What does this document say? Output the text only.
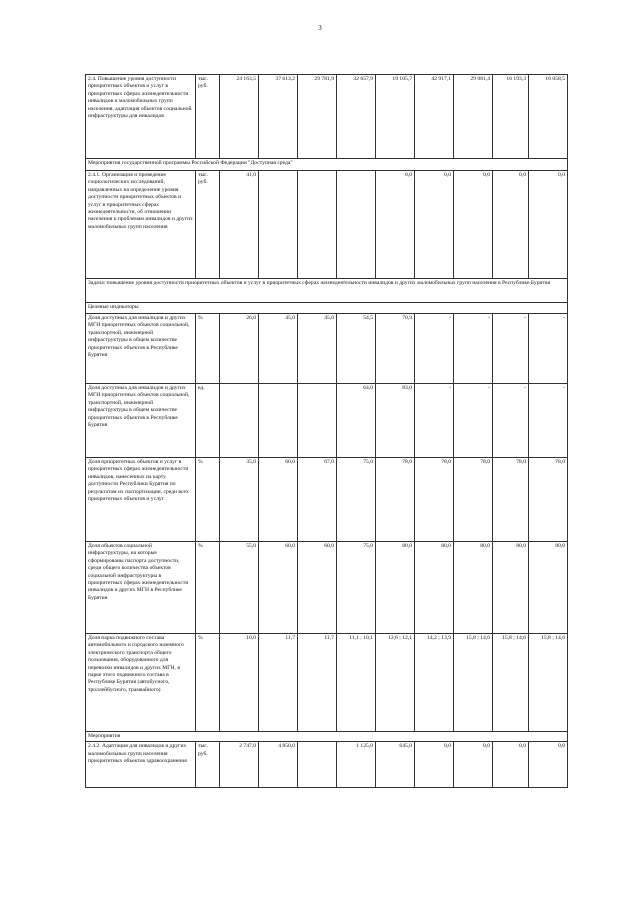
3
2.4. Повышение уровня доступности приоритетных объектов и услуг в приоритетных сферах жизнедеятельности инвалидов и маломобильных групп населения, адаптация объектов социальной инфраструктуры для инвалидов	тыс. руб.	24 163,5	37 613,2	29 781,9	32 657,9	19 105,7	42 917,1	29 081,4	16 193,3	16 058,5
Мероприятия государственной программы Российской Федерации "Доступная среда"										
2.4.1. Организация и проведение социологических исследований, направленных на определение уровня доступности приоритетных объектов и услуг в приоритетных сферах жизнедеятельности, об отношении населения к проблемам инвалидов и других маломобильных групп населения	тыс. руб.	41,0				0,0	0,0	0,0	0,0	0,0
Задача: повышение уровня доступности приоритетных объектов и услуг в приоритетных сферах жизнедеятельности инвалидов и других маломобильных групп населения в Республике Бурятия										
Целевые индикаторы										
Доля доступных для инвалидов и других МГН приоритетных объектов социальной, транспортной, инженерной инфраструктуры в общем количестве приоритетных объектов в Республике Бурятия	%	26,0	45,0	45,0	54,5	70,9	-	-	-	-
Доля доступных для инвалидов и других МГН приоритетных объектов социальной, транспортной, инженерной инфраструктуры в общем количестве приоритетных объектов в Республике Бурятия	ед.				64,0	83,0	-	-	-	-
Доля приоритетных объектов и услуг в приоритетных сферах жизнедеятельности инвалидов, нанесенных на карту доступности Республики Бурятия по результатам их паспортизации, среди всех приоритетных объектов и услуг	%	35,0	60,0	67,0	75,0	78,0	78,0	78,0	78,0	78,0
Доля объектов социальной инфраструктуры, на которые сформированы паспорта доступности, среди общего количества объектов социальной инфраструктуры в приоритетных сферах жизнедеятельности инвалидов и других МГН в Республике Бурятия	%	55,0	60,0	60,0	75,0	80,0	80,0	80,0	80,0	80,0
Доля парка подвижного состава автомобильного и городского наземного электрического транспорта общего пользования, оборудованного для перевозки инвалидов и других МГН, в парке этого подвижного состава в Республике Бурятия (автобусного, троллейбусного, трамвайного)	%	10,0	11,7	11,7	11,1 ; 10,1	12,6 ; 12,1	14,2 ; 13,9	15,8 ; 14,6	15,8 ; 14,6	15,8 ; 14,6
Мероприятия										
2.4.2. Адаптация для инвалидов и других маломобильных групп населения приоритетных объектов здравоохранения	тыс. руб.	2 747,0	4 850,0		1 125,0	645,0	0,0	0,0	0,0	0,0
